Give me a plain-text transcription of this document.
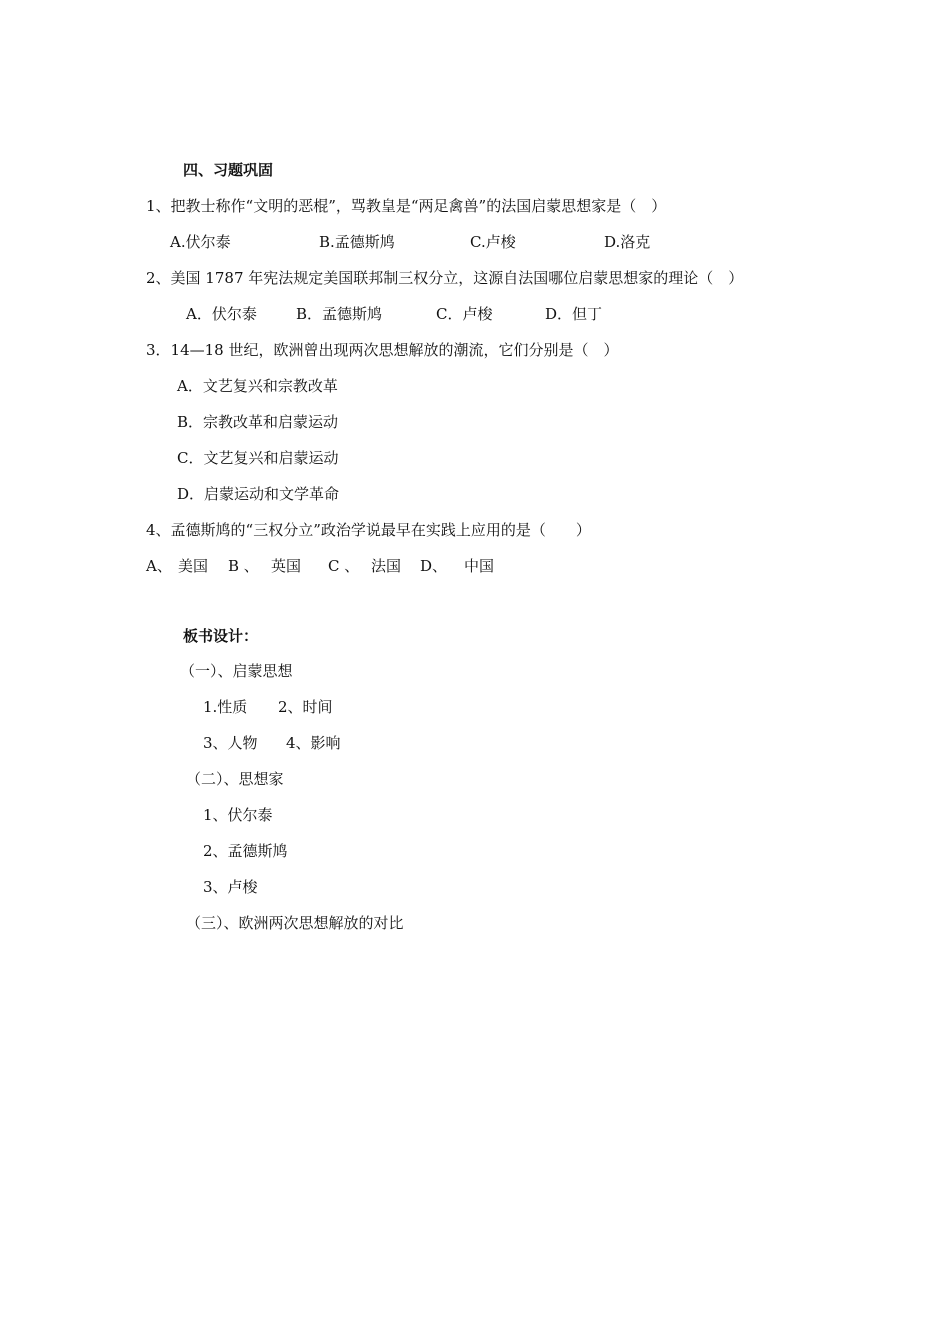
四、习题巩固
1、把教士称作“文明的恶棍”，骂教皇是“两足禽兽”的法国启蒙思想家是（　）
A.伏尔泰	B.孟德斯鸠	C.卢梭	D.洛克
2、美国 1787 年宪法规定美国联邦制三权分立，这源自法国哪位启蒙思想家的理论（　）
A．伏尔泰	B．孟德斯鸠	C．卢梭	D．但丁
3．14—18 世纪，欧洲曾出现两次思想解放的潮流，它们分别是（　）
A．文艺复兴和宗教改革
B．宗教改革和启蒙运动
C．文艺复兴和启蒙运动
D．启蒙运动和文学革命
4、孟德斯鸠的“三权分立”政治学说最早在实践上应用的是（　　）
A、 美国 B 、 英国 C 、 法国 D、 中国
板书设计：
（一）、启蒙思想
1.性质 2、时间
3、人物 4、影响
（二）、思想家
1、伏尔泰
2、孟德斯鸠
3、卢梭
（三）、欧洲两次思想解放的对比
